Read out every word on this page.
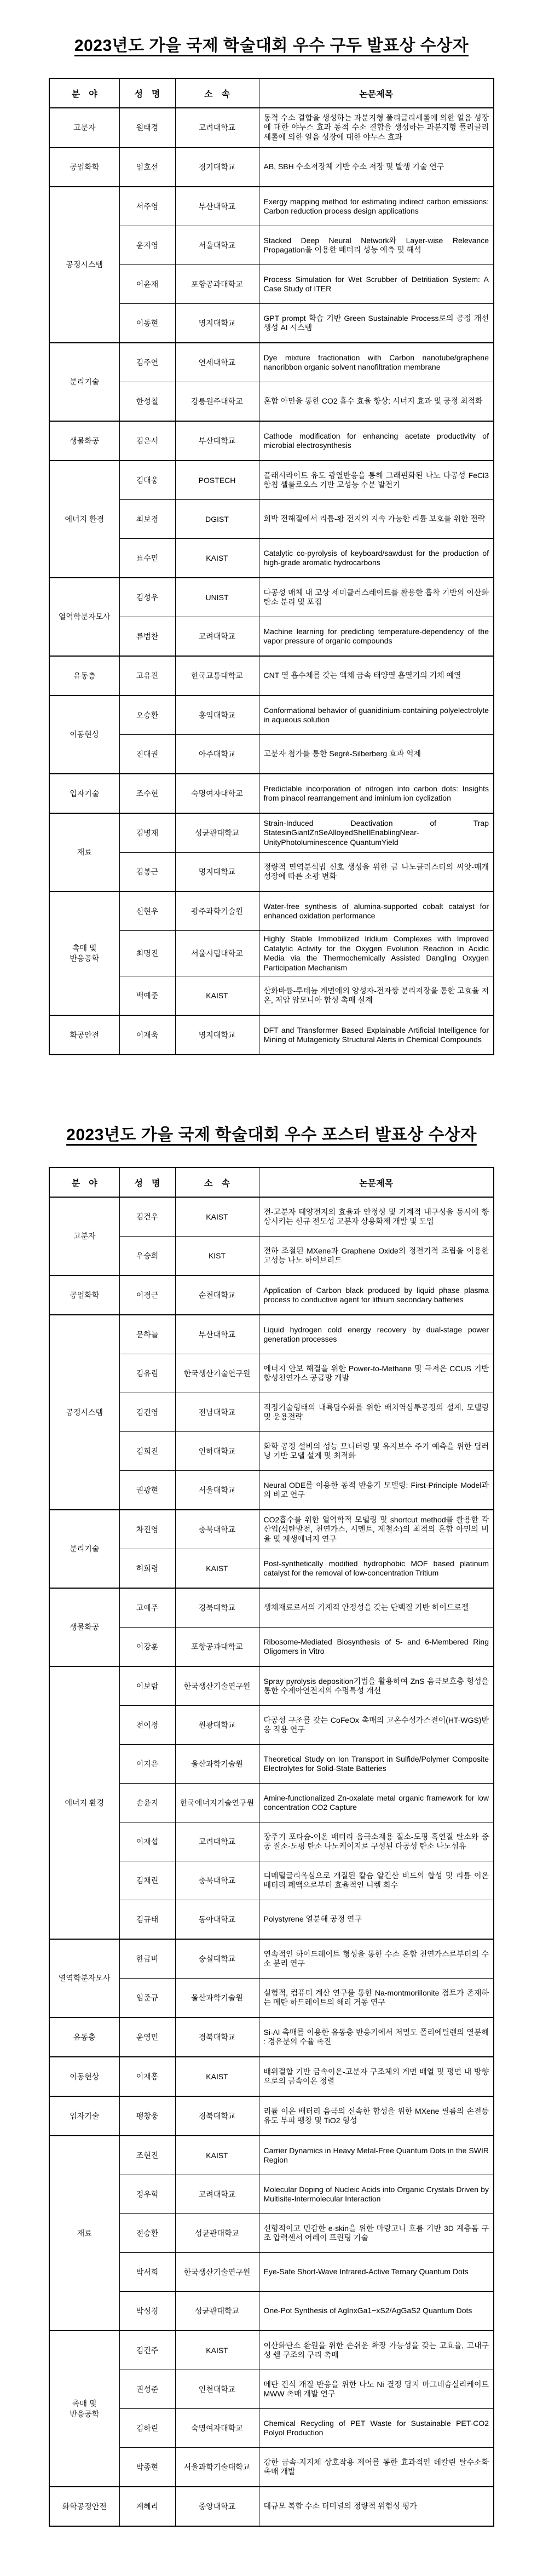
2023년도 가을 국제 학술대회 우수 구두 발표상 수상자
분　야	성　명	소　속	논문제목
고분자	원태경	고려대학교	동적 수소 결합을 생성하는 과분지형 폴리글리세롤에 의한 얼음 성장에 대한 야누스 효과 동적 수소 결합을 생성하는 과분지형 폴리글리세롤에 의한 얼음 성장에 대한 야누스 효과
공업화학	엄호선	경기대학교	AB, SBH 수소저장체 기반 수소 저장 및 발생 기술 연구
공정시스템	서주영	부산대학교	Exergy mapping method for estimating indirect carbon emissions: Carbon reduction process design applications
	윤지영	서울대학교	Stacked Deep Neural Network와 Layer-wise Relevance Propagation을 이용한 배터리 성능 예측 및 해석
	이윤재	포항공과대학교	Process Simulation for Wet Scrubber of Detritiation System: A Case Study of ITER
	이동현	명지대학교	GPT prompt 학습 기반 Green Sustainable Process로의 공정 개선 생성 AI 시스템
분리기술	김주연	연세대학교	Dye mixture fractionation with Carbon nanotube/graphene nanoribbon organic solvent nanofiltration membrane
	한성철	강릉원주대학교	혼합 아민을 통한 CO2 흡수 효율 향상: 시너지 효과 및 공정 최적화
생물화공	김은서	부산대학교	Cathode modification for enhancing acetate productivity of microbial electrosynthesis
에너지 환경	김대웅	POSTECH	플래시라이트 유도 광열반응을 통해 그래핀화된 나노 다공성 FeCl3 함침 셀룰로오스 기반 고성능 수분 발전기
	최보경	DGIST	희박 전해질에서 리튬-황 전지의 지속 가능한 리튬 보호를 위한 전략
	표수민	KAIST	Catalytic co-pyrolysis of keyboard/sawdust for the production of high-grade aromatic hydrocarbons
열역학분자모사	김성우	UNIST	다공성 매체 내 고상 세미클러스레이트를 활용한 흡착 기반의 이산화탄소 분리 및 포집
	류범찬	고려대학교	Machine learning for predicting temperature-dependency of the vapor pressure of organic compounds
유동층	고유진	한국교통대학교	CNT 열 흡수체를 갖는 액체 금속 태양열 흡열기의 기체 예열
이동현상	오승환	홍익대학교	Conformational behavior of guanidinium-containing polyelectrolyte in aqueous solution
	진대권	아주대학교	고분자 첨가를 통한 Segré-Silberberg 효과 억제
입자기술	조수현	숙명여자대학교	Predictable incorporation of nitrogen into carbon dots: Insights from pinacol rearrangement and iminium ion cyclization
재료	김병재	성균관대학교	Strain-Induced Deactivation of Trap StatesinGiantZnSeAlloyedShellEnablingNear-UnityPhotoluminescence QuantumYield
	김봉근	명지대학교	정량적 면역분석법 신호 생성을 위한 금 나노클러스터의 씨앗-매개 성장에 따른 소광 변화
촉매 및
반응공학	신현우	광주과학기술원	Water-free synthesis of alumina-supported cobalt catalyst for enhanced oxidation performance
	최명진	서울시립대학교	Highly Stable Immobilized Iridium Complexes with Improved Catalytic Activity for the Oxygen Evolution Reaction in Acidic Media via the Thermochemically Assisted Dangling Oxygen Participation Mechanism
	백예준	KAIST	산화바륨-루테늄 계면에의 양성자-전자쌍 분리저장을 통한 고효율 저온, 저압 암모니아 합성 촉매 설계
화공안전	이재욱	명지대학교	DFT and Transformer Based Explainable Artificial Intelligence for Mining of Mutagenicity Structural Alerts in Chemical Compounds
2023년도 가을 국제 학술대회 우수 포스터 발표상 수상자
분　야	성　명	소　속	논문제목
고분자	김건우	KAIST	전-고분자 태양전지의 효율과 안정성 및 기계적 내구성을 동시에 향상시키는 신규 전도성 고분자 상용화제 개발 및 도입
	우승희	KIST	전하 조절된 MXene과 Graphene Oxide의 정전기적 조립을 이용한 고성능 나노 하이브리드
공업화학	이경근	순천대학교	Application of Carbon black produced by liquid phase plasma process to conductive agent for lithium secondary batteries
공정시스템	문하늘	부산대학교	Liquid hydrogen cold energy recovery by dual-stage power generation processes
	김유림	한국생산기술연구원	에너지 안보 해결을 위한 Power-to-Methane 및 극저온 CCUS 기반 합성천연가스 공급망 개발
	김건영	전남대학교	적정기술형태의 내륙담수화를 위한 배치역삼투공정의 설계, 모델링 및 운용전략
	김희진	인하대학교	화학 공정 설비의 성능 모니터링 및 유지보수 주기 예측을 위한 딥러닝 기반 모델 설계 및 최적화
	권광현	서울대학교	Neural ODE를 이용한 동적 반응기 모델링: First-Principle Model과의 비교 연구
분리기술	차진영	충북대학교	CO2흡수를 위한 열역학적 모델링 및 shortcut method를 활용한 각 산업(석탄발전, 천연가스, 시멘트, 제철소)의 최적의 혼합 아민의 비율 및 재생에너지 연구
	허희령	KAIST	Post-synthetically modified hydrophobic MOF based platinum catalyst for the removal of low-concentration Tritium
생물화공	고예주	경북대학교	생체재료로서의 기계적 안정성을 갖는 단백질 기반 하이드로젤
	이강훈	포항공과대학교	Ribosome-Mediated Biosynthesis of 5- and 6-Membered Ring Oligomers in Vitro
에너지 환경	이보람	한국생산기술연구원	Spray pyrolysis deposition기법을 활용하여 ZnS 음극보호층 형성을 통한 수계아연전지의 수명특성 개선
	전이정	원광대학교	다공성 구조를 갖는 CoFeOx 촉매의 고온수성가스전이(HT-WGS)반응 적용 연구
	이지은	울산과학기술원	Theoretical Study on Ion Transport in Sulfide/Polymer Composite Electrolytes for Solid-State Batteries
	손윤지	한국에너지기술연구원	Amine-functionalized Zn-oxalate metal organic framework for low concentration CO2 Capture
	이재섭	고려대학교	장주기 포타슘-이온 배터리 음극소재용 질소-도핑 흑연질 탄소와 중공 질소-도핑 탄소 나노케이지로 구성된 다공성 탄소 나노섬유
	김채린	충북대학교	디메틸글리옥심으로 개질된 칼슘 알긴산 비드의 합성 및 리튬 이온 배터리 폐액으로부터 효율적인 니켈 회수
	김규태	동아대학교	Polystyrene 열분해 공정 연구
열역학분자모사	한금비	숭실대학교	연속적인 하이드레이트 형성을 통한 수소 혼합 천연가스로부터의 수소 분리 연구
	임준규	울산과학기술원	실험적, 컴퓨터 계산 연구를 통한 Na-montmorillonite 점토가 존재하는 메탄 하드레이트의 해리 거동 연구
유동층	윤영민	경북대학교	Si-Al 촉매를 이용한 유동층 반응기에서 저밀도 폴리에틸렌의 열분해 : 경유분의 수율 촉진
이동현상	이재홍	KAIST	배위결합 기반 금속이온-고분자 구조체의 계면 배열 및 평면 내 방향으로의 금속이온 정렬
입자기술	팽창웅	경북대학교	리튬 이온 배터리 음극의 신속한 합성을 위한 MXene 필름의 손전등 유도 부피 팽창 및 TiO2 형성
재료	조현진	KAIST	Carrier Dynamics in Heavy Metal-Free Quantum Dots in the SWIR Region
	정우혁	고려대학교	Molecular Doping of Nucleic Acids into Organic Crystals Driven by Multisite-Intermolecular Interaction
	전승환	성균관대학교	선형적이고 민감한 e-skin을 위한 마랑고니 흐름 기반 3D 계층돔 구조 압력센서 어레이 프린팅 기술
	박서희	한국생산기술연구원	Eye-Safe Short-Wave Infrared-Active Ternary Quantum Dots
	박성경	성균관대학교	One-Pot Synthesis of AgInxGa1−xS2/AgGaS2 Quantum Dots
촉매 및
반응공학	김건주	KAIST	이산화탄소 환원을 위한 손쉬운 확장 가능성을 갖는 고효율, 고내구성 쉘 구조의 구리 촉매
	권성준	인천대학교	메탄 건식 개질 반응을 위한 나노 Ni 결정 담지 마그네슘실리케이트 MWW 촉매 개발 연구
	김하린	숙명여자대학교	Chemical Recycling of PET Waste for Sustainable PET-CO2 Polyol Production
	박종현	서울과학기술대학교	강한 금속-지지체 상호작용 제어를 통한 효과적인 데칼린 탈수소화 촉매 개발
화학공정안전	계혜리	중앙대학교	대규모 복합 수소 터미널의 정량적 위험성 평가
